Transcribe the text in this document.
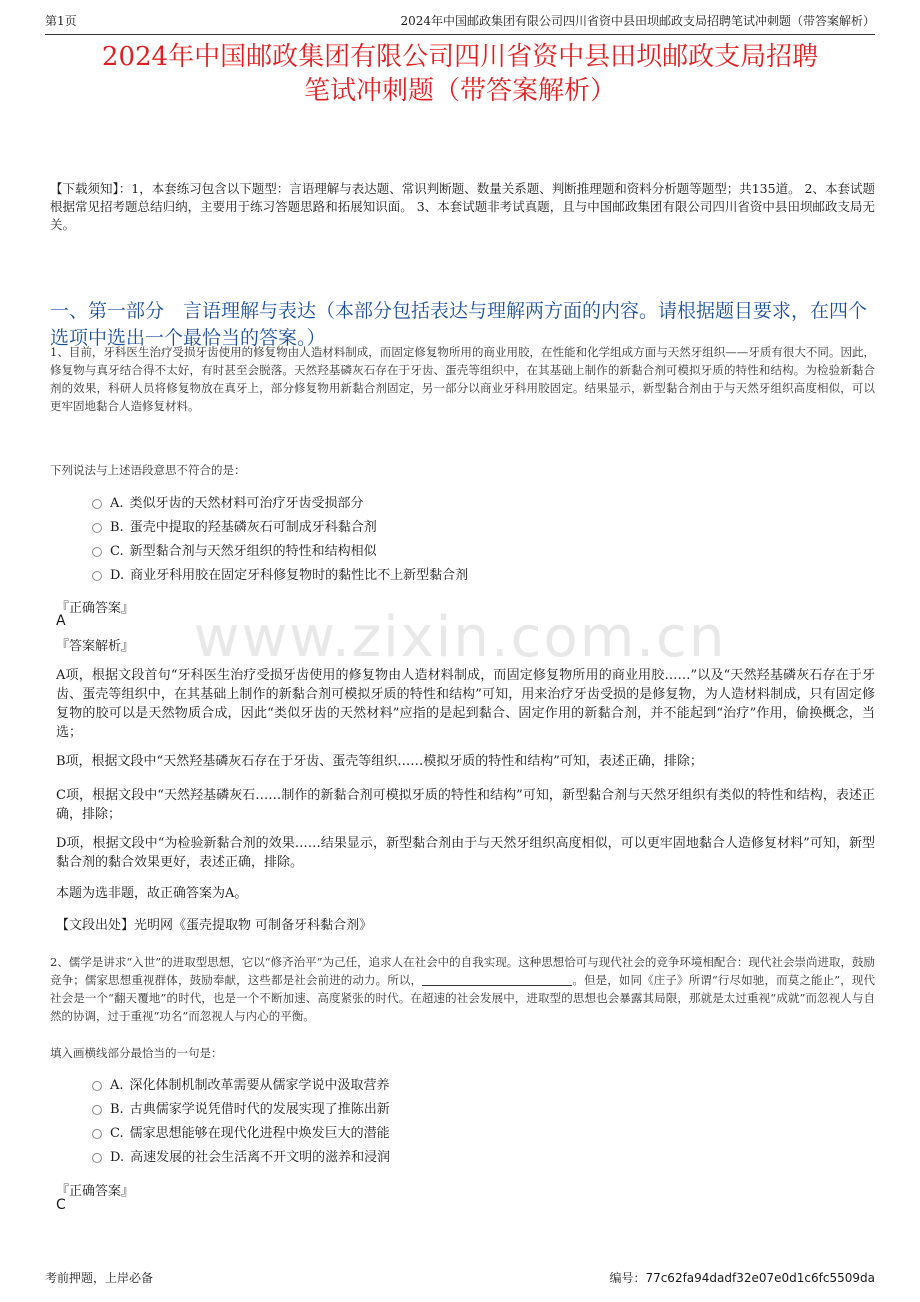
第1页	2024年中国邮政集团有限公司四川省资中县田坝邮政支局招聘笔试冲刺题（带答案解析）
2024年中国邮政集团有限公司四川省资中县田坝邮政支局招聘
笔试冲刺题（带答案解析）
【下载须知】：1，本套练习包含以下题型：言语理解与表达题、常识判断题、数量关系题、判断推理题和资料分析题等题型；共135道。 2、本套试题根据常见招考题总结归纳，主要用于练习答题思路和拓展知识面。 3、本套试题非考试真题，且与中国邮政集团有限公司四川省资中县田坝邮政支局无关。
一、第一部分　言语理解与表达（本部分包括表达与理解两方面的内容。请根据题目要求，在四个选项中选出一个最恰当的答案。）
1、目前，牙科医生治疗受损牙齿使用的修复物由人造材料制成，而固定修复物所用的商业用胶，在性能和化学组成方面与天然牙组织——牙质有很大不同。因此，修复物与真牙结合得不太好，有时甚至会脱落。天然羟基磷灰石存在于牙齿、蛋壳等组织中，在其基础上制作的新黏合剂可模拟牙质的特性和结构。为检验新黏合剂的效果，科研人员将修复物放在真牙上，部分修复物用新黏合剂固定，另一部分以商业牙科用胶固定。结果显示，新型黏合剂由于与天然牙组织高度相似，可以更牢固地黏合人造修复材料。
下列说法与上述语段意思不符合的是：
A. 类似牙齿的天然材料可治疗牙齿受损部分
B. 蛋壳中提取的羟基磷灰石可制成牙科黏合剂
C. 新型黏合剂与天然牙组织的特性和结构相似
D. 商业牙科用胶在固定牙科修复物时的黏性比不上新型黏合剂
『正确答案』
A
『答案解析』	www.zixin.com.cn
A项，根据文段首句“牙科医生治疗受损牙齿使用的修复物由人造材料制成，而固定修复物所用的商业用胶……”以及“天然羟基磷灰石存在于牙齿、蛋壳等组织中，在其基础上制作的新黏合剂可模拟牙质的特性和结构”可知，用来治疗牙齿受损的是修复物，为人造材料制成，只有固定修复物的胶可以是天然物质合成，因此“类似牙齿的天然材料”应指的是起到黏合、固定作用的新黏合剂，并不能起到“治疗”作用，偷换概念，当选；
B项，根据文段中“天然羟基磷灰石存在于牙齿、蛋壳等组织……模拟牙质的特性和结构”可知，表述正确，排除；
C项，根据文段中“天然羟基磷灰石……制作的新黏合剂可模拟牙质的特性和结构”可知，新型黏合剂与天然牙组织有类似的特性和结构，表述正确，排除；
D项，根据文段中“为检验新黏合剂的效果……结果显示，新型黏合剂由于与天然牙组织高度相似，可以更牢固地黏合人造修复材料”可知，新型黏合剂的黏合效果更好，表述正确，排除。
本题为选非题，故正确答案为A。
【文段出处】光明网《蛋壳提取物 可制备牙科黏合剂》
2、儒学是讲求“入世”的进取型思想，它以“修齐治平”为己任，追求人在社会中的自我实现。这种思想恰可与现代社会的竞争环境相配合：现代社会崇尚进取，鼓励竞争；儒家思想重视群体，鼓励奉献，这些都是社会前进的动力。所以，	。但是，如同《庄子》所谓“行尽如驰，而莫之能止”，现代社会是一个“翻天覆地”的时代，也是一个不断加速、高度紧张的时代。在超速的社会发展中，进取型的思想也会暴露其局限，那就是太过重视“成就”而忽视人与自然的协调，过于重视“功名”而忽视人与内心的平衡。
填入画横线部分最恰当的一句是：
A. 深化体制机制改革需要从儒家学说中汲取营养
B. 古典儒家学说凭借时代的发展实现了推陈出新
C. 儒家思想能够在现代化进程中焕发巨大的潜能
D. 高速发展的社会生活离不开文明的滋养和浸润
『正确答案』
C
考前押题，上岸必备	编号：77c62fa94dadf32e07e0d1c6fc5509da
